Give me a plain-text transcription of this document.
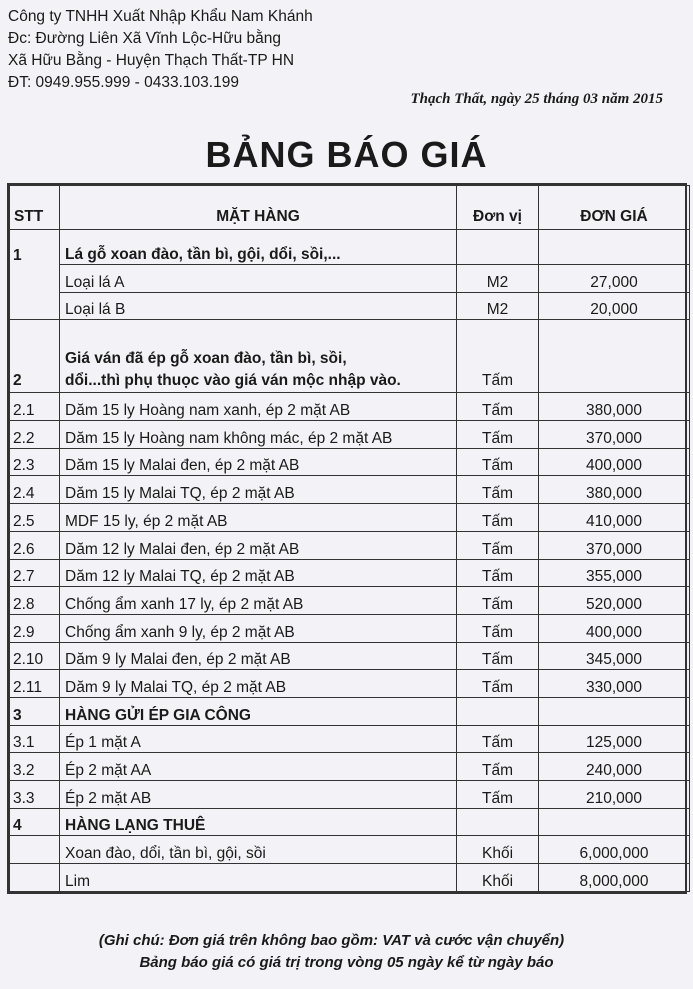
Công ty TNHH Xuất Nhập Khẩu Nam Khánh
Đc: Đường Liên Xã Vĩnh Lộc-Hữu bằng
Xã Hữu Bằng - Huyện Thạch Thất-TP HN
ĐT: 0949.955.999 - 0433.103.199
Thạch Thất, ngày 25 tháng 03 năm 2015
BẢNG BÁO GIÁ
STT	MẶT HÀNG	Đơn vị	ĐƠN GIÁ
1	Lá gỗ xoan đào, tần bì, gội, dổi, sồi,...		
	Loại lá A	M2	27,000
	Loại lá B	M2	20,000
2	Giá ván đã ép gỗ xoan đào, tần bì, sồi,
dổi...thì phụ thuọc vào giá ván mộc nhập vào.	Tấm	
2.1	Dăm 15 ly Hoàng nam xanh, ép 2 mặt AB	Tấm	380,000
2.2	Dăm 15 ly Hoàng nam không mác, ép 2 mặt AB	Tấm	370,000
2.3	Dăm 15 ly Malai đen, ép 2 mặt AB	Tấm	400,000
2.4	Dăm 15 ly Malai TQ, ép 2 mặt AB	Tấm	380,000
2.5	MDF 15 ly, ép 2 mặt AB	Tấm	410,000
2.6	Dăm 12 ly Malai đen, ép 2 mặt AB	Tấm	370,000
2.7	Dăm 12 ly Malai TQ, ép 2 mặt AB	Tấm	355,000
2.8	Chống ẩm xanh 17 ly, ép 2 mặt AB	Tấm	520,000
2.9	Chống ẩm xanh 9 ly, ép 2 mặt AB	Tấm	400,000
2.10	Dăm 9 ly Malai đen, ép 2 mặt AB	Tấm	345,000
2.11	Dăm 9 ly Malai TQ, ép 2 mặt AB	Tấm	330,000
3	HÀNG GỬI ÉP GIA CÔNG		
3.1	Ép 1 mặt A	Tấm	125,000
3.2	Ép 2 mặt AA	Tấm	240,000
3.3	Ép 2 mặt AB	Tấm	210,000
4	HÀNG LẠNG THUÊ		
	Xoan đào, dổi, tần bì, gội, sồi	Khối	6,000,000
	Lim	Khối	8,000,000
(Ghi chú: Đơn giá trên không bao gồm: VAT và cước vận chuyển)
Bảng báo giá có giá trị trong vòng 05 ngày kể từ ngày báo
